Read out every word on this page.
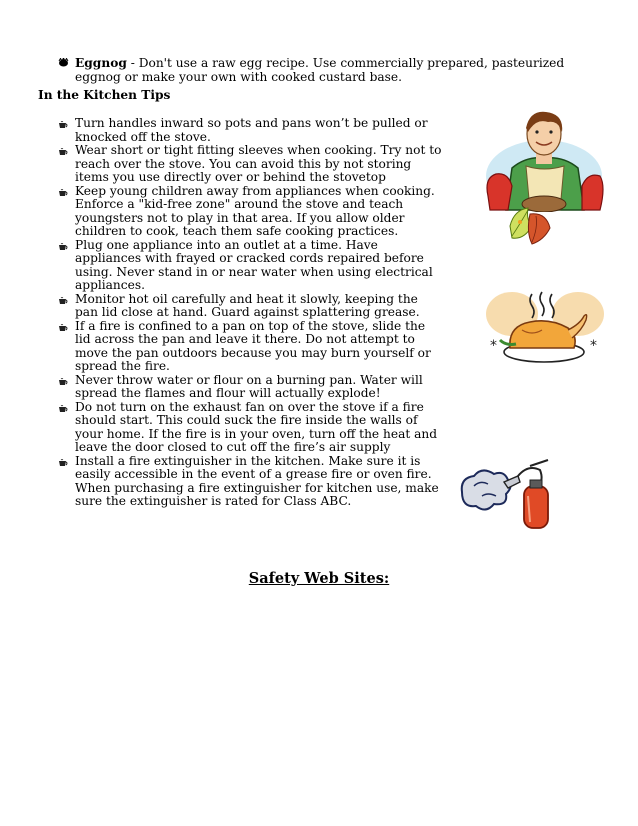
Eggnog - Don't use a raw egg recipe. Use commercially prepared, pasteurized eggnog or make your own with cooked custard base.
In the Kitchen Tips
Turn handles inward so pots and pans won’t be pulled or knocked off the stove.
Wear short or tight fitting sleeves when cooking. Try not to reach over the stove. You can avoid this by not storing items you use directly over or behind the stovetop
Keep young children away from appliances when cooking. Enforce a "kid-free zone" around the stove and teach youngsters not to play in that area. If you allow older children to cook, teach them safe cooking practices.
Plug one appliance into an outlet at a time. Have appliances with frayed or cracked cords repaired before using. Never stand in or near water when using electrical appliances.
Monitor hot oil carefully and heat it slowly, keeping the pan lid close at hand. Guard against splattering grease.
If a fire is confined to a pan on top of the stove, slide the lid across the pan and leave it there. Do not attempt to move the pan outdoors because you may burn yourself or spread the fire.
Never throw water or flour on a burning pan. Water will spread the flames and flour will actually explode!
Do not turn on the exhaust fan on over the stove if a fire should start. This could suck the fire inside the walls of your home. If the fire is in your oven, turn off the heat and leave the door closed to cut off the fire’s air supply
Install a fire extinguisher in the kitchen. Make sure it is easily accessible in the event of a grease fire or oven fire. When purchasing a fire extinguisher for kitchen use, make sure the extinguisher is rated for Class ABC.
*	*
Safety Web Sites:
